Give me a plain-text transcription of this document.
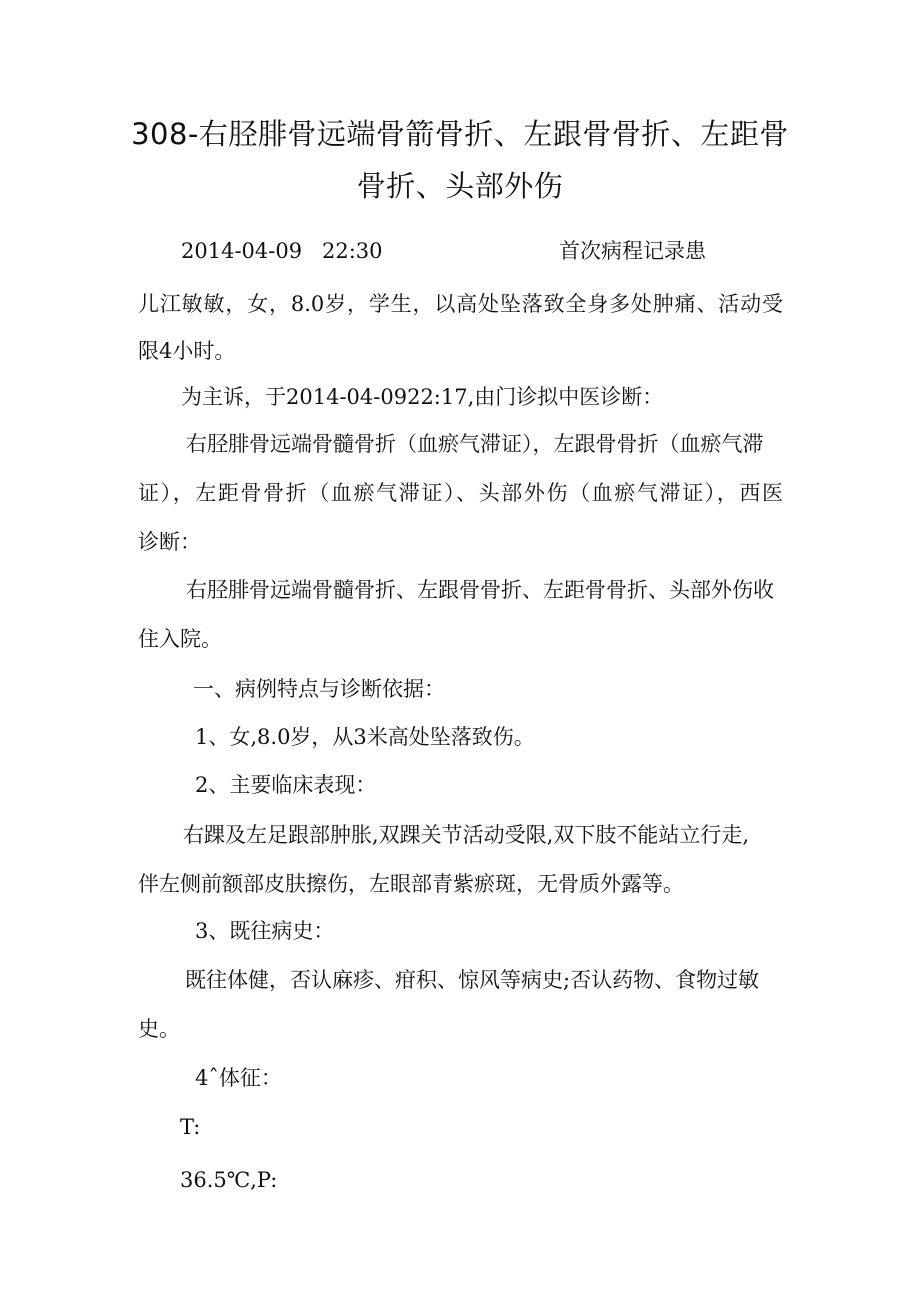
308-右胫腓骨远端骨箭骨折、左跟骨骨折、左距骨
骨折、头部外伤
2014-04-09 22:30	首次病程记录患
儿江敏敏，女，8.0岁，学生，以高处坠落致全身多处肿痛、活动受
限4小时。
为主诉，于2014-04-0922:17,由门诊拟中医诊断：
右胫腓骨远端骨髓骨折（血瘀气滞证），左跟骨骨折（血瘀气滞
证），左距骨骨折（血瘀气滞证）、头部外伤（血瘀气滞证），西医
诊断：
右胫腓骨远端骨髓骨折、左跟骨骨折、左距骨骨折、头部外伤收
住入院。
一、病例特点与诊断依据：
1、女,8.0岁，从3米高处坠落致伤。
2、主要临床表现：
右踝及左足跟部肿胀,双踝关节活动受限,双下肢不能站立行走,
伴左侧前额部皮肤擦伤，左眼部青紫瘀斑，无骨质外露等。
3、既往病史：
既往体健，否认麻疹、疳积、惊风等病史;否认药物、食物过敏
史。
4ˆ体征：
T:
36.5℃,P:
